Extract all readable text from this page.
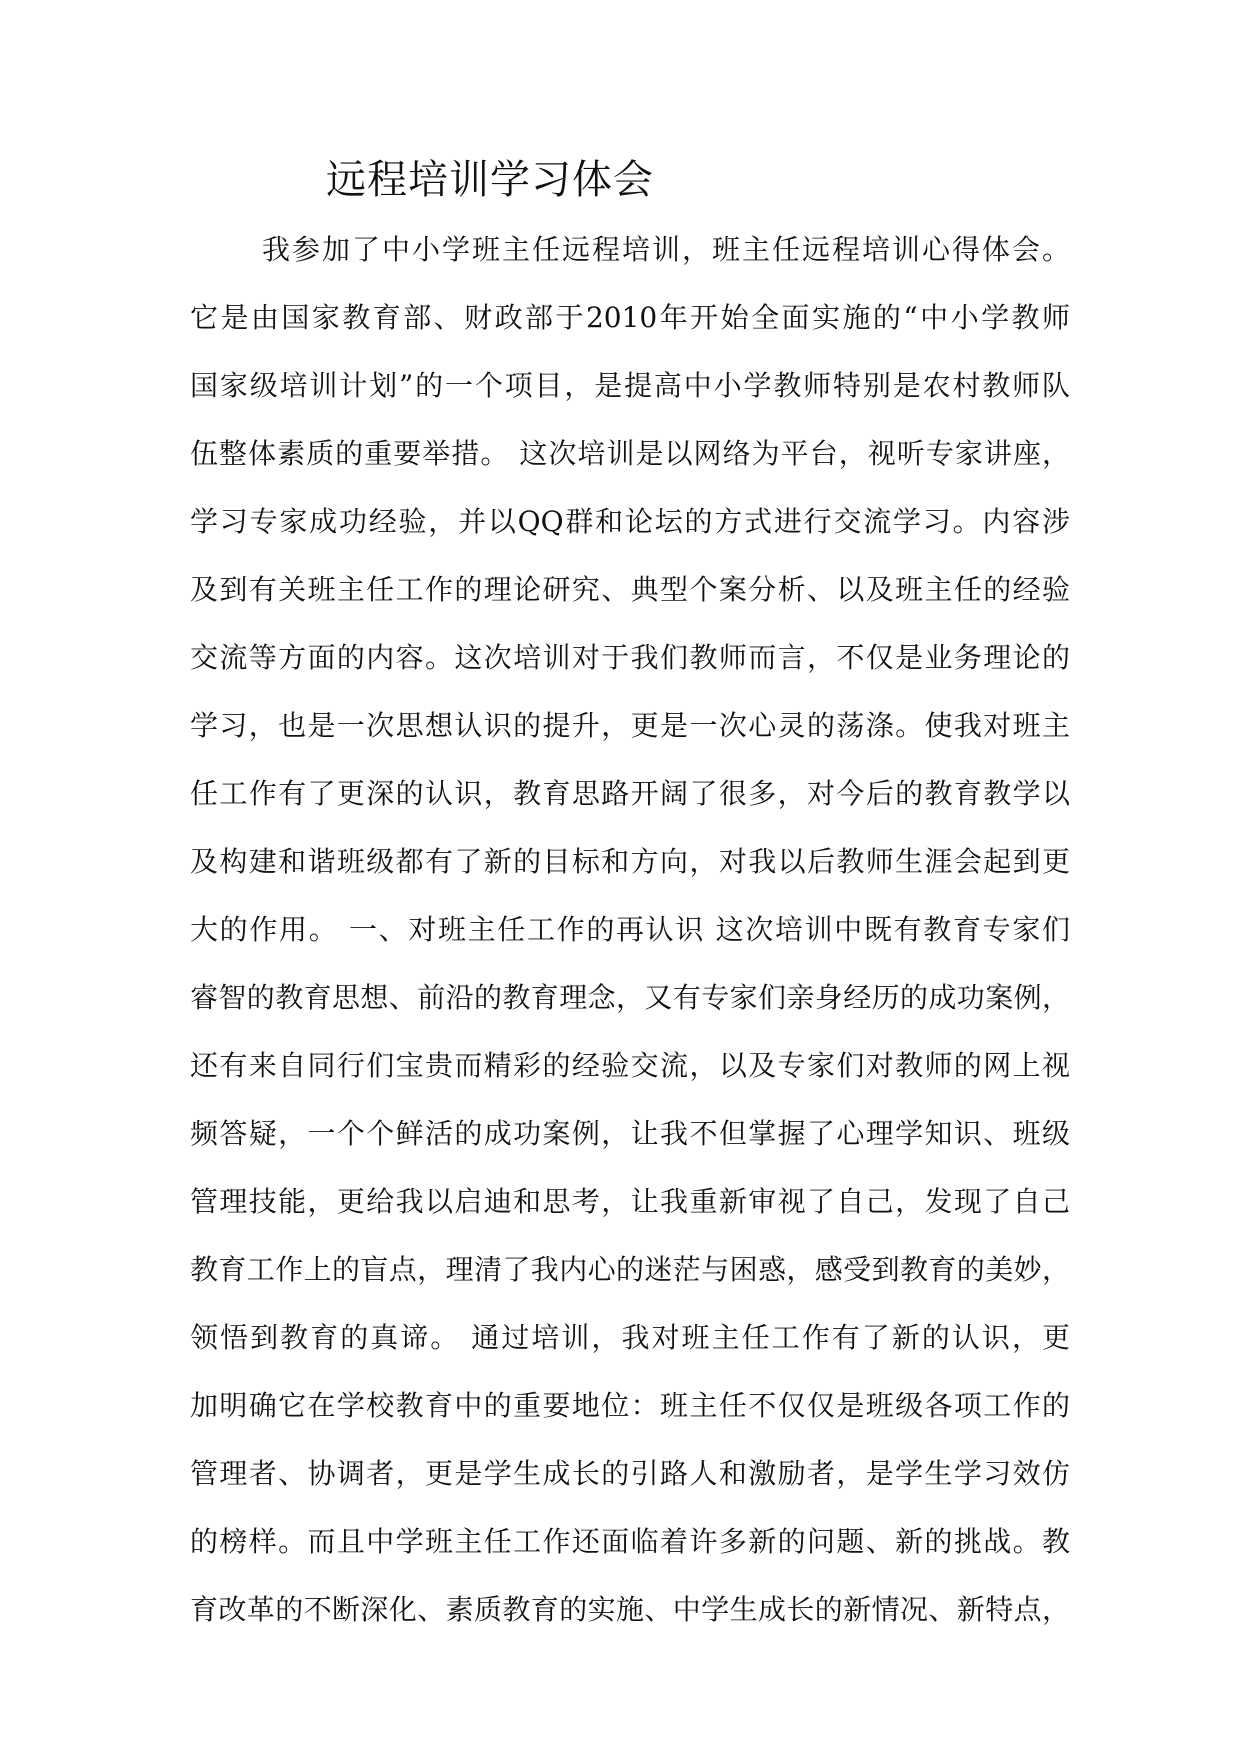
远程培训学习体会
我参加了中小学班主任远程培训，班主任远程培训心得体会。
它是由国家教育部、财政部于2010年开始全面实施的“中小学教师
国家级培训计划”的一个项目，是提高中小学教师特别是农村教师队
伍整体素质的重要举措。 这次培训是以网络为平台，视听专家讲座，
学习专家成功经验，并以QQ群和论坛的方式进行交流学习。内容涉
及到有关班主任工作的理论研究、典型个案分析、以及班主任的经验
交流等方面的内容。这次培训对于我们教师而言，不仅是业务理论的
学习，也是一次思想认识的提升，更是一次心灵的荡涤。使我对班主
任工作有了更深的认识，教育思路开阔了很多，对今后的教育教学以
及构建和谐班级都有了新的目标和方向，对我以后教师生涯会起到更
大的作用。 一、对班主任工作的再认识 这次培训中既有教育专家们
睿智的教育思想、前沿的教育理念，又有专家们亲身经历的成功案例，
还有来自同行们宝贵而精彩的经验交流，以及专家们对教师的网上视
频答疑，一个个鲜活的成功案例，让我不但掌握了心理学知识、班级
管理技能，更给我以启迪和思考，让我重新审视了自己，发现了自己
教育工作上的盲点，理清了我内心的迷茫与困惑，感受到教育的美妙，
领悟到教育的真谛。 通过培训，我对班主任工作有了新的认识，更
加明确它在学校教育中的重要地位：班主任不仅仅是班级各项工作的
管理者、协调者，更是学生成长的引路人和激励者，是学生学习效仿
的榜样。而且中学班主任工作还面临着许多新的问题、新的挑战。教
育改革的不断深化、素质教育的实施、中学生成长的新情况、新特点，
